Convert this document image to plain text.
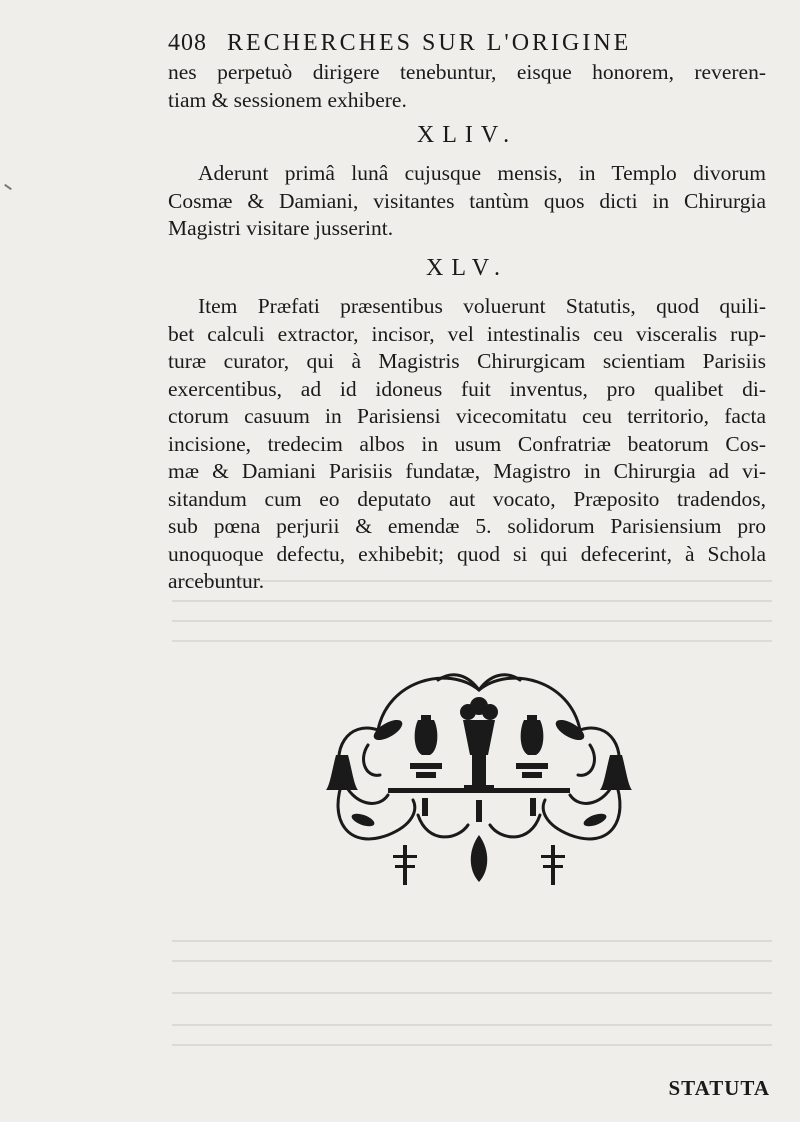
408 RECHERCHES SUR L'ORIGINE
nes perpetuò dirigere tenebuntur, eisque honorem, reveren-
tiam & sessionem exhibere.
XLIV.
Aderunt primâ lunâ cujusque mensis, in Templo divorum
Cosmæ & Damiani, visitantes tantùm quos dicti in Chirurgia
Magistri visitare jusserint.
XLV.
Item Præfati præsentibus voluerunt Statutis, quod quili-
bet calculi extractor, incisor, vel intestinalis ceu visceralis rup-
turæ curator, qui à Magistris Chirurgicam scientiam Parisiis
exercentibus, ad id idoneus fuit inventus, pro qualibet di-
ctorum casuum in Parisiensi vicecomitatu ceu territorio, facta
incisione, tredecim albos in usum Confratriæ beatorum Cos-
mæ & Damiani Parisiis fundatæ, Magistro in Chirurgia ad vi-
sitandum cum eo deputato aut vocato, Præposito tradendos,
sub pœna perjurii & emendæ 5. solidorum Parisiensium pro
unoquoque defectu, exhibebit; quod si qui defecerint, à Schola
arcebuntur.
STATUTA
